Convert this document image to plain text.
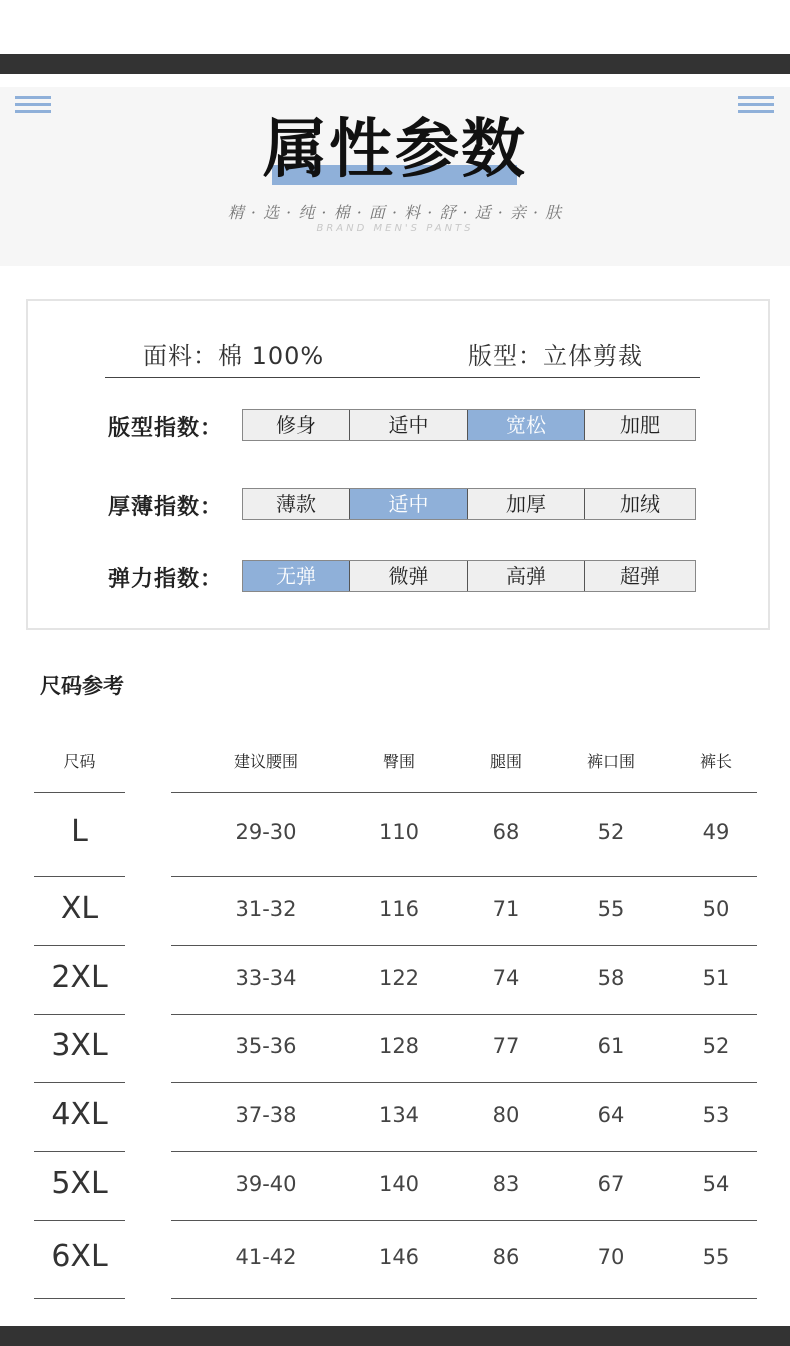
属性参数
精 · 选 · 纯 · 棉 · 面 · 料 · 舒 · 适 · 亲 · 肤
BRAND MEN'S PANTS
面料：棉 100%	版型：立体剪裁
版型指数：	修身	适中	宽松	加肥
厚薄指数：	薄款	适中	加厚	加绒
弹力指数：	无弹	微弹	高弹	超弹
尺码参考
尺码	建议腰围	臀围	腿围	裤口围	裤长
L	29-30	110	68	52	49
XL	31-32	116	71	55	50
2XL	33-34	122	74	58	51
3XL	35-36	128	77	61	52
4XL	37-38	134	80	64	53
5XL	39-40	140	83	67	54
6XL	41-42	146	86	70	55
